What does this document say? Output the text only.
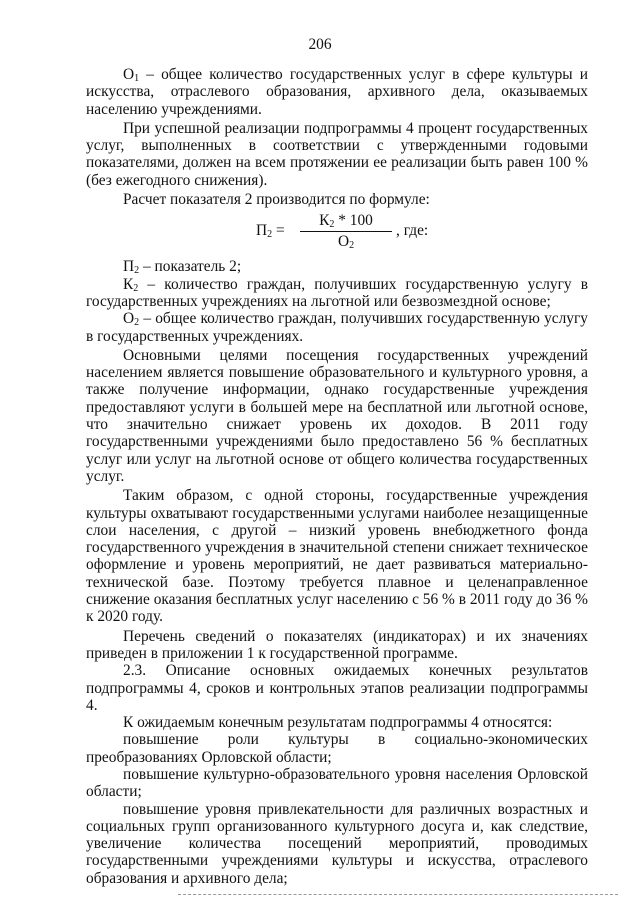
206

$О_1$ – общее количество государственных услуг в сфере культуры и искусства, отраслевого образования, архивного дела, оказываемых населению учреждениями.

При успешной реализации подпрограммы 4 процент государственных услуг, выполненных в соответствии с утвержденными годовыми показателями, должен на всем протяжении ее реализации быть равен 100 % (без ежегодного снижения).

Расчет показателя 2 производится по формуле:

$П_2$ =
$К_2 * 100$
$О_2$
, где:

$П_2$ – показатель 2;

$К_2$ – количество граждан, получивших государственную услугу в государственных учреждениях на льготной или безвозмездной основе;

$О_2$ – общее количество граждан, получивших государственную услугу в государственных учреждениях.

Основными целями посещения государственных учреждений населением является повышение образовательного и культурного уровня, а также получение информации, однако государственные учреждения предоставляют услуги в большей мере на бесплатной или льготной основе, что значительно снижает уровень их доходов. В 2011 году государственными учреждениями было предоставлено 56 % бесплатных услуг или услуг на льготной основе от общего количества государственных услуг.

Таким образом, с одной стороны, государственные учреждения культуры охватывают государственными услугами наиболее незащищенные слои населения, с другой – низкий уровень внебюджетного фонда государственного учреждения в значительной степени снижает техническое оформление и уровень мероприятий, не дает развиваться материально-технической базе. Поэтому требуется плавное и целенаправленное снижение оказания бесплатных услуг населению с 56 % в 2011 году до 36 % к 2020 году.

Перечень сведений о показателях (индикаторах) и их значениях приведен в приложении 1 к государственной программе.

2.3. Описание основных ожидаемых конечных результатов подпрограммы 4, сроков и контрольных этапов реализации подпрограммы 4.

К ожидаемым конечным результатам подпрограммы 4 относятся:

повышение роли культуры в социально-экономических преобразованиях Орловской области;

повышение культурно-образовательного уровня населения Орловской области;

повышение уровня привлекательности для различных возрастных и социальных групп организованного культурного досуга и, как следствие, увеличение количества посещений мероприятий, проводимых государственными учреждениями культуры и искусства, отраслевого образования и архивного дела;
